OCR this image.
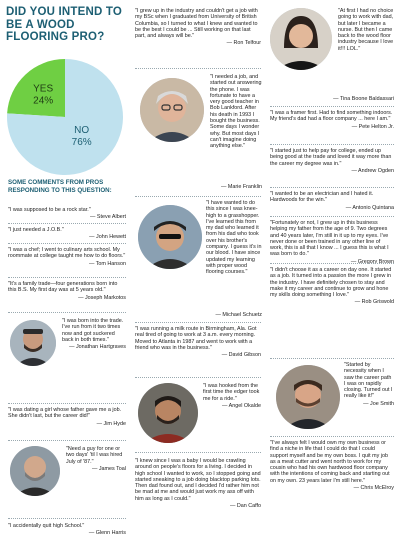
DID YOU INTEND TO BE A WOOD FLOORING PRO?
YES
24%
NO
76%
SOME COMMENTS FROM PROS RESPONDING TO THIS QUESTION:
"I was supposed to be a rock star."
— Steve Albert
"I just needed a J.O.B."
— John Hewett
"I was a chef; I went to culinary arts school. My roommate at college taught me how to do floors."
— Tom Hanson
"It's a family trade—four generations born into this B.S. My first day was at 5 years old."
— Joseph Markotos
"I was born into the trade. I've run from it two times now and got suckered back in both times."
— Jonathan Hartgraves
"I was dating a girl whose father gave me a job. She didn't last, but the career did!"
— Jim Hyde
"Need a guy for one or two days' 'til I was hired July of '87."
— James Toal
"I accidentally quit high School."
— Glenn Harris
"I grew up in the industry and couldn't get a job with my BSc when I graduated from University of British Columbia, so I turned to what I knew and wanted to be the best I could be ... Still working on that last part, and always will be."
— Ron Telfour
"I needed a job, and started out answering the phone. I was fortunate to have a very good teacher in Bob Lankford. After his death in 1993 I bought the business. Some days I wonder why. But most days I can't imagine doing anything else."
— Marie Franklin
"I have wanted to do this since I was knee-high to a grasshopper. I've learned this from my dad who learned it from his dad who took over his brother's company. I guess it's in our blood. I have since updated my learning with proper wood flooring courses."
— Michael Schuetz
"I was running a milk route in Birmingham, Ala. Got real tired of going to work at 3 a.m. every morning. Moved to Atlanta in 1987 and went to work with a friend who was in the business."
— David Gibson
"I was hooked from the first time the edger took me for a ride."
— Angel Okalde
"I knew since I was a baby I would be crawling around on people's floors for a living. I decided in high school I wanted to work, so I stopped going and started sneaking to a job doing blacktop parking lots. Then dad found out, and I decided I'd rather him not be mad at me and would just work my ass off with him as long as I could."
— Dan Caffo
"At first I had no choice going to work with dad, but later I became a nurse. But then I came back to the wood floor industry because I love it!!! LOL."
— Tina Boone Baldassari
"I was a framer first. Had to find something indoors. My friend's dad had a floor company ... here I am."
— Pete Helton Jr.
"I started just to help pay for college, ended up being good at the trade and loved it way more than the career my degree was in."
— Andrew Ogden
"I wanted to be an electrician and I hated it. Hardwoods for the win."
— Antonio Quintana
"Fortunately or not, I grew up in this business helping my father from the age of 9. Two degrees and 40 years later, I'm still in it up to my eyes. I've never done or been trained in any other line of work, this is all that I know ... I guess this is what I was born to do."
— Gregory Brown
"I didn't choose it as a career on day one. It started as a job. It turned into a passion the more I grew in the industry. I have definitely chosen to stay and make it my career and continue to grow and hone my skills doing something I love."
— Rob Griswold
"Started by necessity when I saw the career path I was on rapidly closing. Turned out I really like it!"
— Joe Smith
"I've always felt I would own my own business or find a niche in life that I could do that I could support myself and be my own boss. I quit my job as a meat cutter and went north to work for my cousin who had his own hardwood floor company with the intentions of coming back and starting out on my own. 23 years later I'm still here."
— Chris McElroy
